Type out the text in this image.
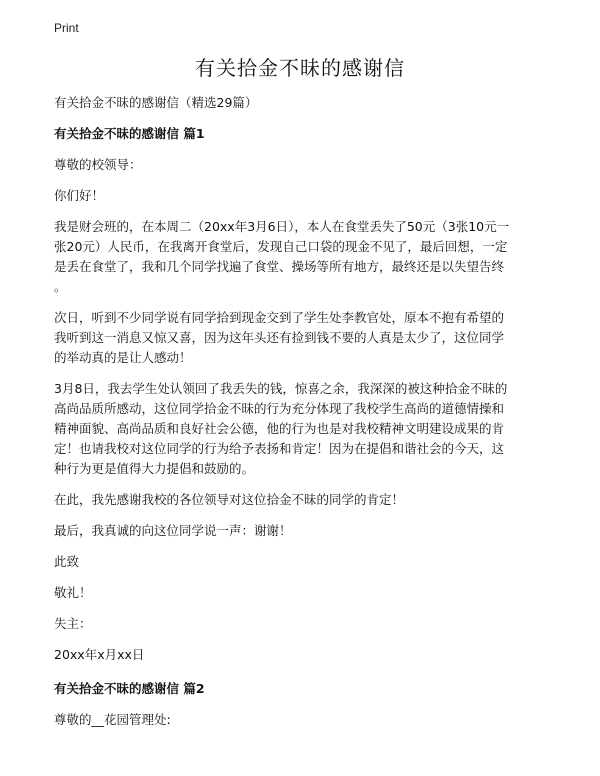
Print
有关拾金不昧的感谢信
有关拾金不昧的感谢信（精选29篇）
有关拾金不昧的感谢信 篇1
尊敬的校领导：
你们好！
我是财会班的，在本周二（20xx年3月6日），本人在食堂丢失了50元（3张10元一
张20元）人民币，在我离开食堂后，发现自己口袋的现金不见了，最后回想，一定
是丢在食堂了，我和几个同学找遍了食堂、操场等所有地方，最终还是以失望告终
。
次日，听到不少同学说有同学拾到现金交到了学生处李教官处，原本不抱有希望的
我听到这一消息又惊又喜，因为这年头还有捡到钱不要的人真是太少了，这位同学
的举动真的是让人感动！
3月8日，我去学生处认领回了我丢失的钱，惊喜之余，我深深的被这种拾金不昧的
高尚品质所感动，这位同学拾金不昧的行为充分体现了我校学生高尚的道德情操和
精神面貌、高尚品质和良好社会公德，他的行为也是对我校精神文明建设成果的肯
定！也请我校对这位同学的行为给予表扬和肯定！因为在提倡和谐社会的今天，这
种行为更是值得大力提倡和鼓励的。
在此，我先感谢我校的各位领导对这位拾金不昧的同学的肯定！
最后，我真诚的向这位同学说一声：谢谢！
此致
敬礼！
失主：
20xx年x月xx日
有关拾金不昧的感谢信 篇2
尊敬的__花园管理处:
